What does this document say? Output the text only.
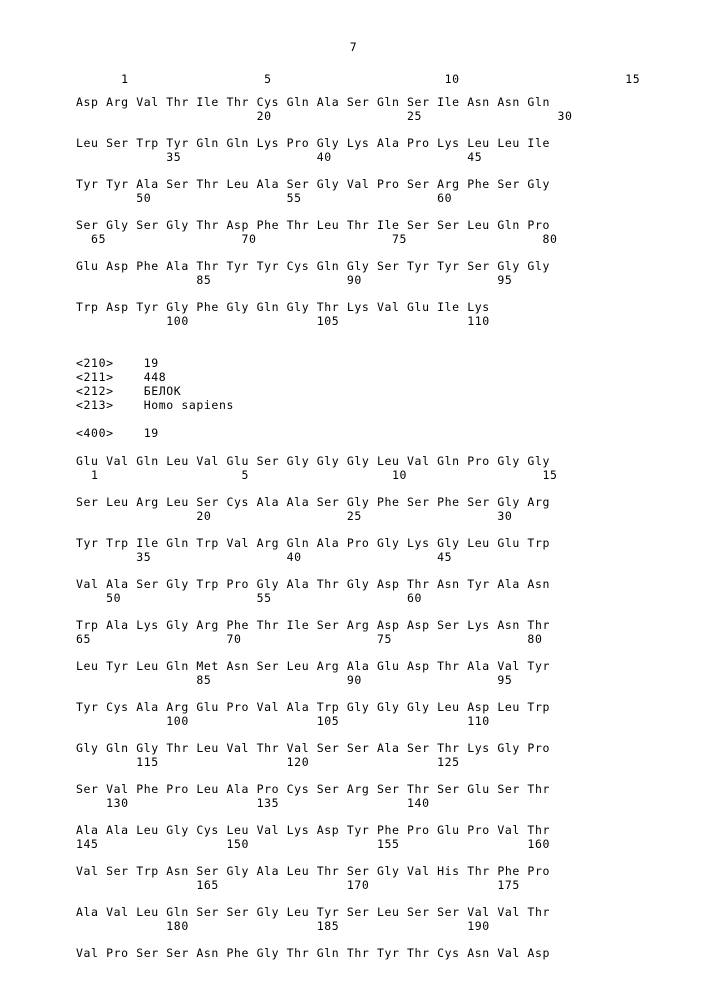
7
1                  5                       10                      15
Asp Arg Val Thr Ile Thr Cys Gln Ala Ser Gln Ser Ile Asn Asn Gln
20                  25                  30
Leu Ser Trp Tyr Gln Gln Lys Pro Gly Lys Ala Pro Lys Leu Leu Ile
35                  40                  45
Tyr Tyr Ala Ser Thr Leu Ala Ser Gly Val Pro Ser Arg Phe Ser Gly
50                  55                  60
Ser Gly Ser Gly Thr Asp Phe Thr Leu Thr Ile Ser Ser Leu Gln Pro
65                  70                  75                  80
Glu Asp Phe Ala Thr Tyr Tyr Cys Gln Gly Ser Tyr Tyr Ser Gly Gly
85                  90                  95
Trp Asp Tyr Gly Phe Gly Gln Gly Thr Lys Val Glu Ile Lys
100                 105                 110
<210>    19
<211>    448
<212>    БЕЛОК
<213>    Homo sapiens
<400>    19
Glu Val Gln Leu Val Glu Ser Gly Gly Gly Leu Val Gln Pro Gly Gly
1                   5                   10                  15
Ser Leu Arg Leu Ser Cys Ala Ala Ser Gly Phe Ser Phe Ser Gly Arg
20                  25                  30
Tyr Trp Ile Gln Trp Val Arg Gln Ala Pro Gly Lys Gly Leu Glu Trp
35                  40                  45
Val Ala Ser Gly Trp Pro Gly Ala Thr Gly Asp Thr Asn Tyr Ala Asn
50                  55                  60
Trp Ala Lys Gly Arg Phe Thr Ile Ser Arg Asp Asp Ser Lys Asn Thr
65                  70                  75                  80
Leu Tyr Leu Gln Met Asn Ser Leu Arg Ala Glu Asp Thr Ala Val Tyr
85                  90                  95
Tyr Cys Ala Arg Glu Pro Val Ala Trp Gly Gly Gly Leu Asp Leu Trp
100                 105                 110
Gly Gln Gly Thr Leu Val Thr Val Ser Ser Ala Ser Thr Lys Gly Pro
115                 120                 125
Ser Val Phe Pro Leu Ala Pro Cys Ser Arg Ser Thr Ser Glu Ser Thr
130                 135                 140
Ala Ala Leu Gly Cys Leu Val Lys Asp Tyr Phe Pro Glu Pro Val Thr
145                 150                 155                 160
Val Ser Trp Asn Ser Gly Ala Leu Thr Ser Gly Val His Thr Phe Pro
165                 170                 175
Ala Val Leu Gln Ser Ser Gly Leu Tyr Ser Leu Ser Ser Val Val Thr
180                 185                 190
Val Pro Ser Ser Asn Phe Gly Thr Gln Thr Tyr Thr Cys Asn Val Asp
